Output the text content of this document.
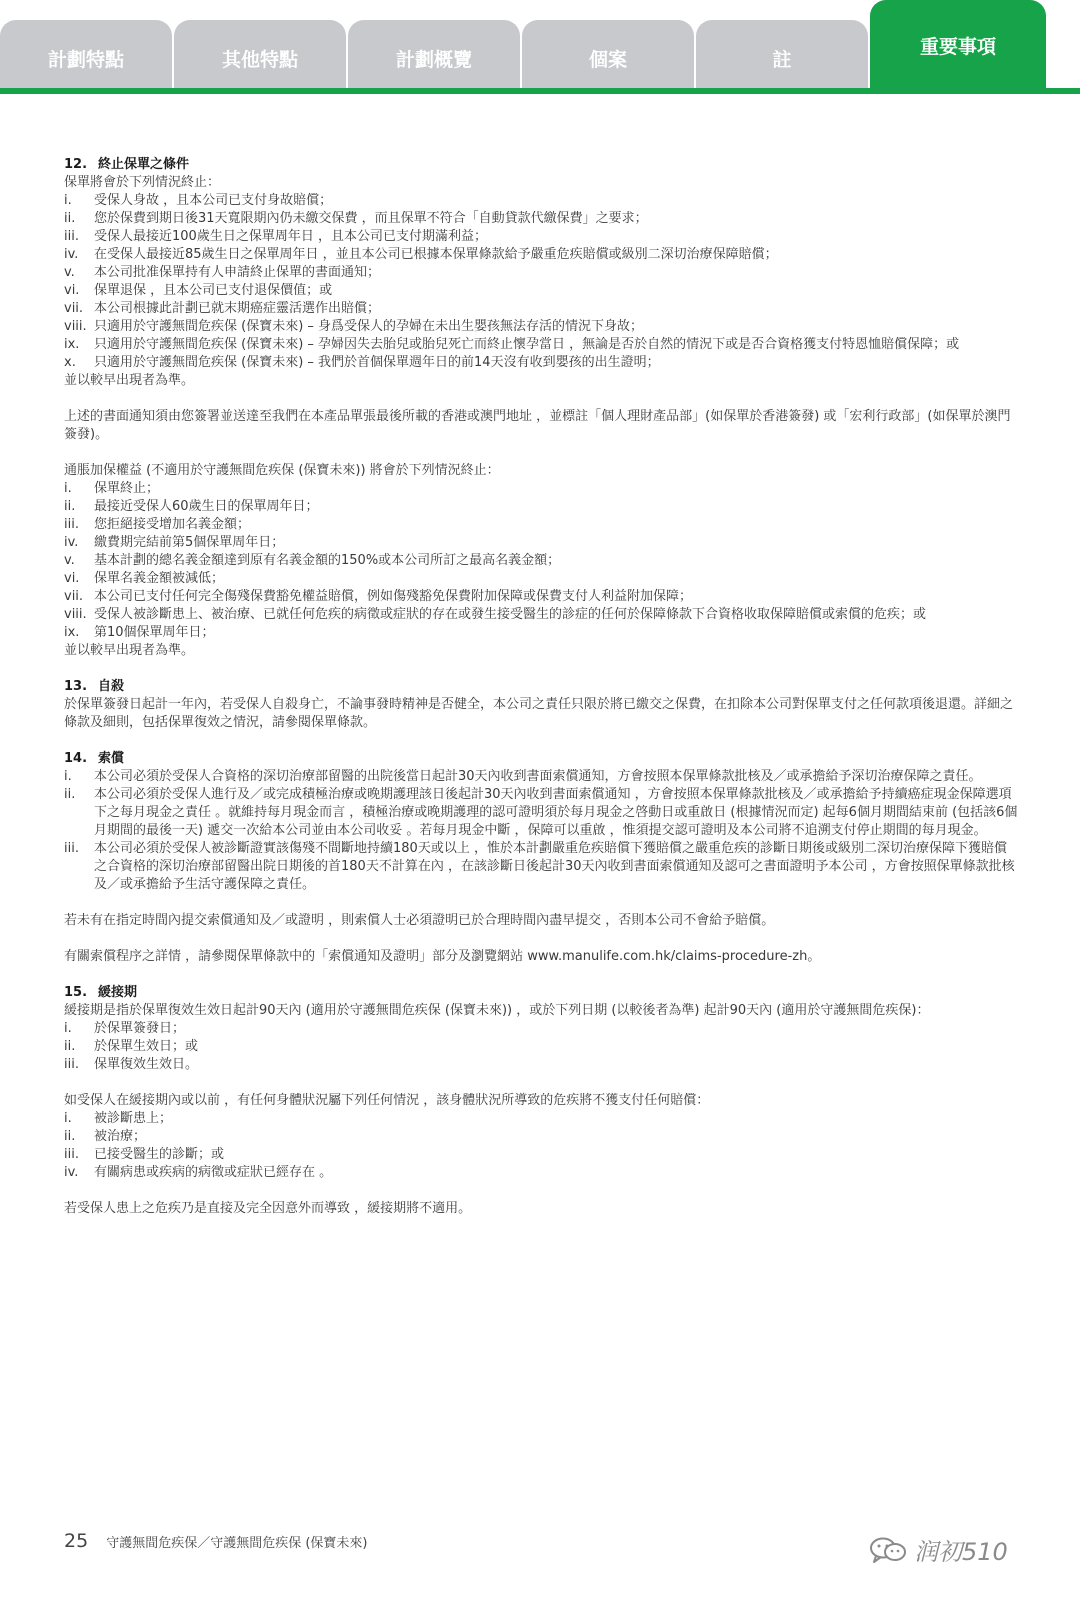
計劃特點	其他特點	計劃概覽	個案	註
重要事項
12. 終止保單之條件

保單將會於下列情況終止：

i.	受保人身故 ，且本公司已支付身故賠償；
ii.	您於保費到期日後31天寬限期內仍未繳交保費 ，而且保單不符合「自動貸款代繳保費」之要求；
iii.	受保人最接近100歲生日之保單周年日 ，且本公司已支付期滿利益；
iv.	在受保人最接近85歲生日之保單周年日 ，並且本公司已根據本保單條款給予嚴重危疾賠償或級別二深切治療保障賠償；
v.	本公司批准保單持有人申請終止保單的書面通知；
vi.	保單退保 ，且本公司已支付退保價值；或
vii. 本公司根據此計劃已就末期癌症靈活選作出賠償；
viii. 只適用於守護無間危疾保 (保寶未來) – 身爲受保人的孕婦在未出生嬰孩無法存活的情況下身故；
ix.	只適用於守護無間危疾保 (保寶未來) – 孕婦因失去胎兒或胎兒死亡而終止懷孕當日 ，無論是否於自然的情況下或是否合資格獲支付特恩恤賠償保障；或
x.	只適用於守護無間危疾保 (保寶未來) – 我們於首個保單週年日的前14天沒有收到嬰孩的出生證明；

並以較早出現者為準。

上述的書面通知須由您簽署並送達至我們在本產品單張最後所載的香港或澳門地址 ，並標註「個人理財產品部」(如保單於香港簽發) 或「宏利行政部」(如保單於澳門簽發)。

通脹加保權益 (不適用於守護無間危疾保 (保寶未來)) 將會於下列情況終止：

i.	保單終止；
ii.	最接近受保人60歲生日的保單周年日；
iii.	您拒絕接受增加名義金額；
iv.	繳費期完結前第5個保單周年日；
v.	基本計劃的總名義金額達到原有名義金額的150%或本公司所訂之最高名義金額；
vi.	保單名義金額被減低；
vii. 本公司已支付任何完全傷殘保費豁免權益賠償，例如傷殘豁免保費附加保障或保費支付人利益附加保障；
viii. 受保人被診斷患上、被治療、已就任何危疾的病徵或症狀的存在或發生接受醫生的診症的任何於保障條款下合資格收取保障賠償或索償的危疾；或
ix.	第10個保單周年日；

並以較早出現者為準。

13. 自殺

於保單簽發日起計一年內，若受保人自殺身亡，不論事發時精神是否健全，本公司之責任只限於將已繳交之保費，在扣除本公司對保單支付之任何款項後退還。詳細之條款及細則，包括保單復效之情況，請參閱保單條款。

14. 索償
i.	本公司必須於受保人合資格的深切治療部留醫的出院後當日起計30天內收到書面索償通知，方會按照本保單條款批核及／或承擔給予深切治療保障之責任。
ii.	本公司必須於受保人進行及／或完成積極治療或晚期護理該日後起計30天內收到書面索償通知 ，方會按照本保單條款批核及／或承擔給予持續癌症現金保障選項下之每月現金之責任 。就維持每月現金而言 ，積極治療或晚期護理的認可證明須於每月現金之啓動日或重啟日 (根據情況而定) 起每6個月期間結束前 (包括該6個月期間的最後一天) 遞交一次給本公司並由本公司收妥 。若每月現金中斷 ，保障可以重啟 ，惟須提交認可證明及本公司將不追溯支付停止期間的每月現金。
iii.	本公司必須於受保人被診斷證實該傷殘不間斷地持續180天或以上 ，惟於本計劃嚴重危疾賠償下獲賠償之嚴重危疾的診斷日期後或級別二深切治療保障下獲賠償之合資格的深切治療部留醫出院日期後的首180天不計算在內 ，在該診斷日後起計30天內收到書面索償通知及認可之書面證明予本公司 ，方會按照保單條款批核及／或承擔給予生活守護保障之責任。

若未有在指定時間內提交索償通知及／或證明 ，則索償人士必須證明已於合理時間內盡早提交 ，否則本公司不會給予賠償。

有關索償程序之詳情 ，請參閱保單條款中的「索償通知及證明」部分及瀏覽網站 www.manulife.com.hk/claims-procedure-zh。

15. 緩接期

緩接期是指於保單復效生效日起計90天內 (適用於守護無間危疾保 (保寶未來)) ，或於下列日期 (以較後者為準) 起計90天內 (適用於守護無間危疾保)：

i.	於保單簽發日；
ii.	於保單生效日；或
iii.	保單復效生效日。

如受保人在緩接期內或以前 ，有任何身體狀況屬下列任何情況 ，該身體狀況所導致的危疾將不獲支付任何賠償：

i.	被診斷患上；
ii.	被治療；
iii.	已接受醫生的診斷；或
iv.	有關病患或疾病的病徵或症狀已經存在 。

若受保人患上之危疾乃是直接及完全因意外而導致 ，緩接期將不適用。

25 守護無間危疾保／守護無間危疾保 (保寶未來)	润初510
